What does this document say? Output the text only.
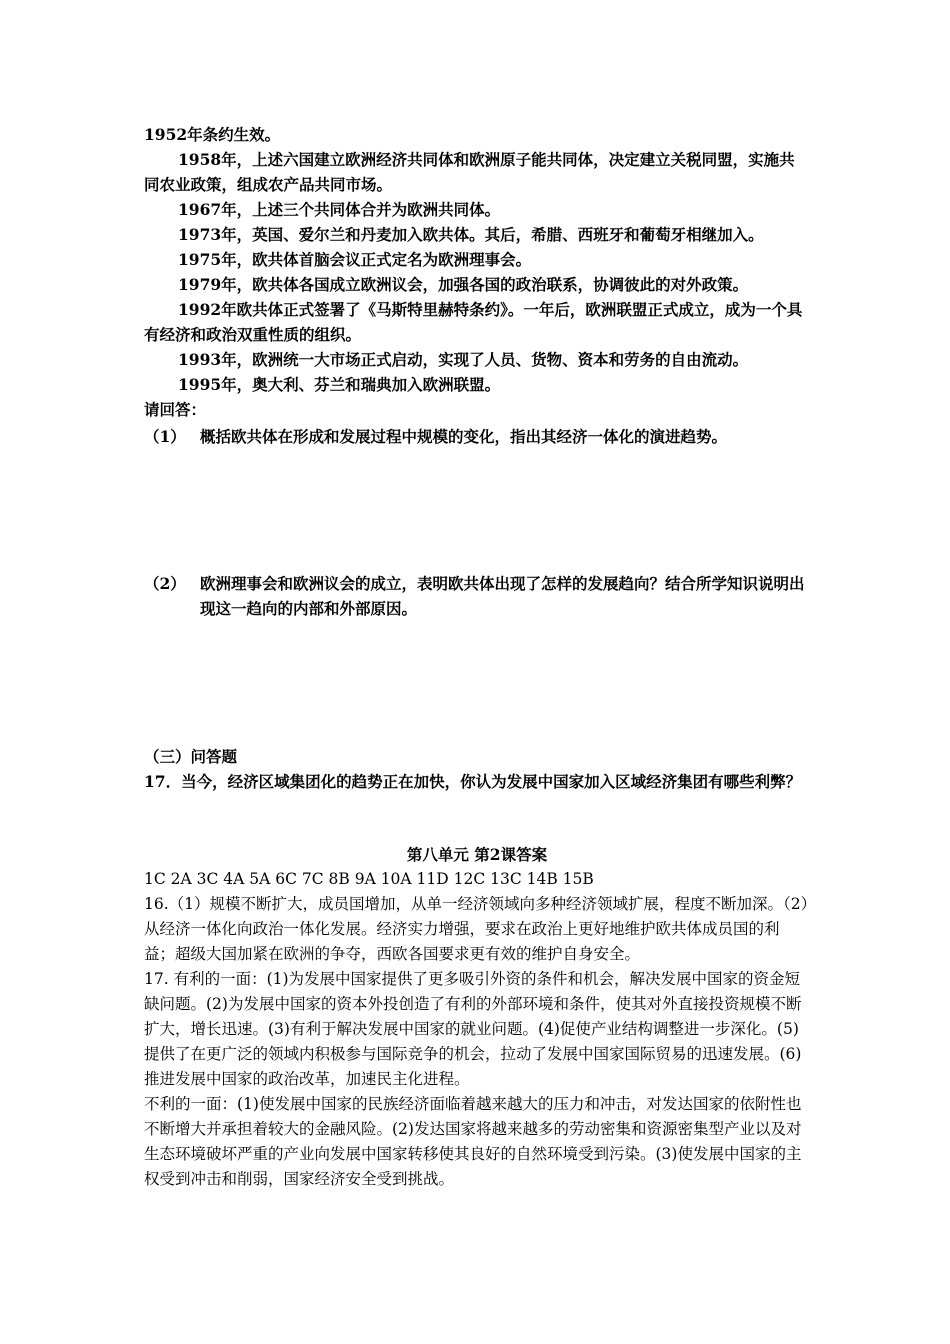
1952年条约生效。

1958年，上述六国建立欧洲经济共同体和欧洲原子能共同体，决定建立关税同盟，实施共同农业政策，组成农产品共同市场。

1967年，上述三个共同体合并为欧洲共同体。

1973年，英国、爱尔兰和丹麦加入欧共体。其后，希腊、西班牙和葡萄牙相继加入。

1975年，欧共体首脑会议正式定名为欧洲理事会。

1979年，欧共体各国成立欧洲议会，加强各国的政治联系，协调彼此的对外政策。

1992年欧共体正式签署了《马斯特里赫特条约》。一年后，欧洲联盟正式成立，成为一个具有经济和政治双重性质的组织。

1993年，欧洲统一大市场正式启动，实现了人员、货物、资本和劳务的自由流动。

1995年，奥大利、芬兰和瑞典加入欧洲联盟。

请回答：

（1） 概括欧共体在形成和发展过程中规模的变化，指出其经济一体化的演进趋势。
（2） 欧洲理事会和欧洲议会的成立，表明欧共体出现了怎样的发展趋向？结合所学知识说明出现这一趋向的内部和外部原因。

（三）问答题

17．当今，经济区域集团化的趋势正在加快，你认为发展中国家加入区域经济集团有哪些利弊？

第八单元 第2课答案

1C 2A 3C 4A 5A 6C 7C 8B 9A 10A 11D 12C 13C 14B 15B

16.（1）规模不断扩大，成员国增加，从单一经济领域向多种经济领域扩展，程度不断加深。（2）从经济一体化向政治一体化发展。经济实力增强，要求在政治上更好地维护欧共体成员国的利益；超级大国加紧在欧洲的争夺，西欧各国要求更有效的维护自身安全。

17. 有利的一面：(1)为发展中国家提供了更多吸引外资的条件和机会，解决发展中国家的资金短缺问题。(2)为发展中国家的资本外投创造了有利的外部环境和条件，使其对外直接投资规模不断扩大，增长迅速。(3)有利于解决发展中国家的就业问题。(4)促使产业结构调整进一步深化。(5)提供了在更广泛的领域内积极参与国际竞争的机会，拉动了发展中国家国际贸易的迅速发展。(6)推进发展中国家的政治改革，加速民主化进程。

不利的一面：(1)使发展中国家的民族经济面临着越来越大的压力和冲击，对发达国家的依附性也不断增大并承担着较大的金融风险。(2)发达国家将越来越多的劳动密集和资源密集型产业以及对生态环境破坏严重的产业向发展中国家转移使其良好的自然环境受到污染。(3)使发展中国家的主权受到冲击和削弱，国家经济安全受到挑战。
